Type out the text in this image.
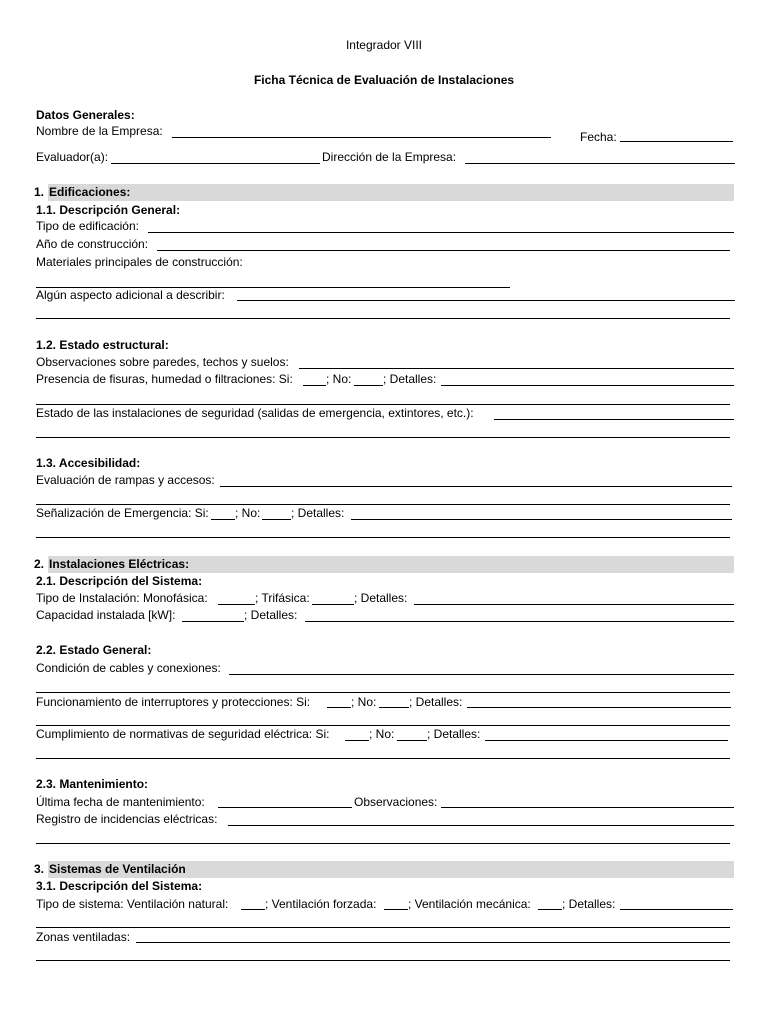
Integrador VIII
Ficha Técnica de Evaluación de Instalaciones
Datos Generales:
Nombre de la Empresa:	Fecha:
Evaluador(a):	Dirección de la Empresa:
1. Edificaciones:
1.1. Descripción General:
Tipo de edificación:
Año de construcción:
Materiales principales de construcción:
Algún aspecto adicional a describir:
1.2. Estado estructural:
Observaciones sobre paredes, techos y suelos:
Presencia de fisuras, humedad o filtraciones: Si:	; No:	; Detalles:
Estado de las instalaciones de seguridad (salidas de emergencia, extintores, etc.):
1.3. Accesibilidad:
Evaluación de rampas y accesos:
Señalización de Emergencia: Si: ; No:	; Detalles:
2. Instalaciones Eléctricas:
2.1. Descripción del Sistema:
Tipo de Instalación: Monofásica:	; Trifásica:	; Detalles:
Capacidad instalada [kW]:	; Detalles:
2.2. Estado General:
Condición de cables y conexiones:
Funcionamiento de interruptores y protecciones: Si:	; No:	; Detalles:
Cumplimiento de normativas de seguridad eléctrica: Si:	; No:	; Detalles:
2.3. Mantenimiento:
Última fecha de mantenimiento:	Observaciones:
Registro de incidencias eléctricas:
3. Sistemas de Ventilación
3.1. Descripción del Sistema:
Tipo de sistema: Ventilación natural:	; Ventilación forzada:	; Ventilación mecánica:	; Detalles:
Zonas ventiladas:
